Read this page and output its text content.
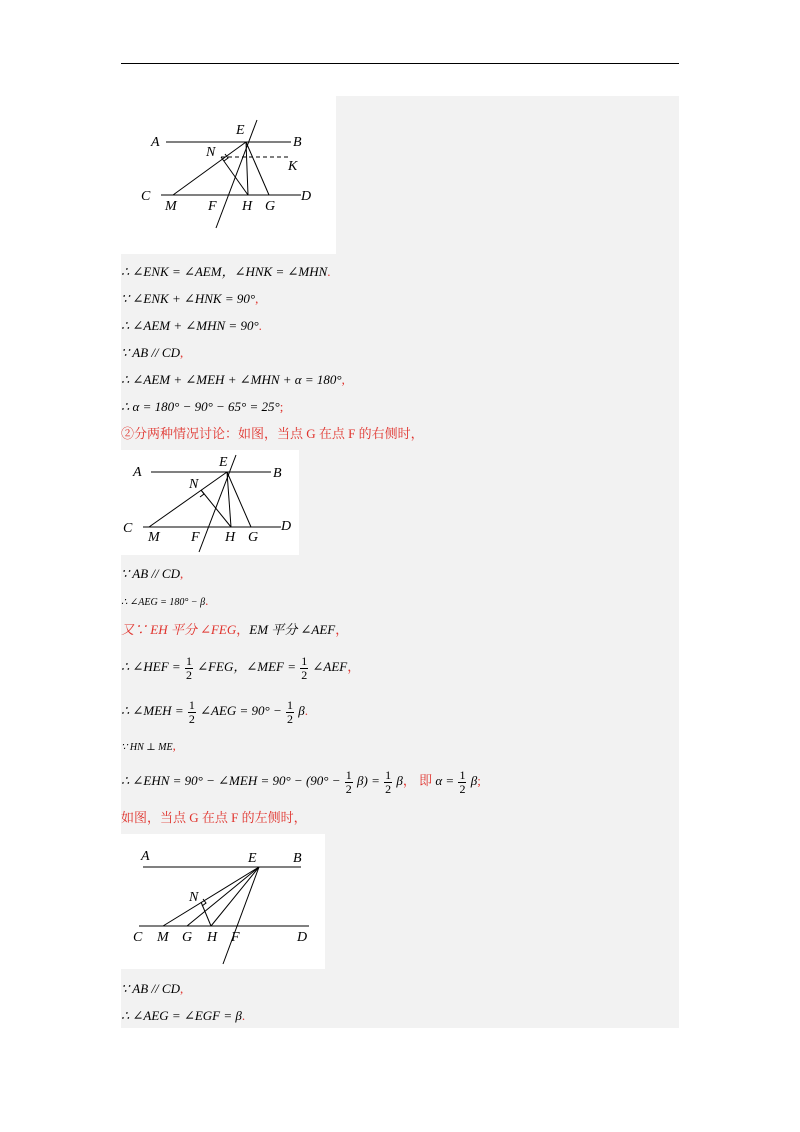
A	B
C	D
E
N
K
M F H G
∴ ∠ENK = ∠AEM，∠HNK = ∠MHN.
∵ ∠ENK + ∠HNK = 90°,
∴ ∠AEM + ∠MHN = 90°.
∵ AB // CD,
∴ ∠AEM + ∠MEH + ∠MHN + α = 180°,
∴ α = 180° − 90° − 65° = 25°;
②分两种情况讨论：如图，当点 G 在点 F 的右侧时，
A	B
C	D
E
N
M F H G
∵ AB // CD,
∴ ∠AEG = 180° − β.
又∵ EH 平分 ∠FEG，EM 平分 ∠AEF，
∴ ∠HEF = $\frac{1}{2}$ ∠FEG，∠MEF = $\frac{1}{2}$ ∠AEF，
∴ ∠MEH = $\frac{1}{2}$ ∠AEG = $90^\circ - \frac{1}{2} \beta$.
∵ HN ⊥ ME,
∴ ∠EHN = 90° − ∠MEH = $90^\circ - (90^\circ - \frac{1}{2} \beta) = \frac{1}{2}$ β， 即 $\alpha = \frac{1}{2} \beta$;
如图，当点 G 在点 F 的左侧时，
A	B
C	D
E
N
M G H F
∵ AB // CD,
∴ ∠AEG = ∠EGF = β.
